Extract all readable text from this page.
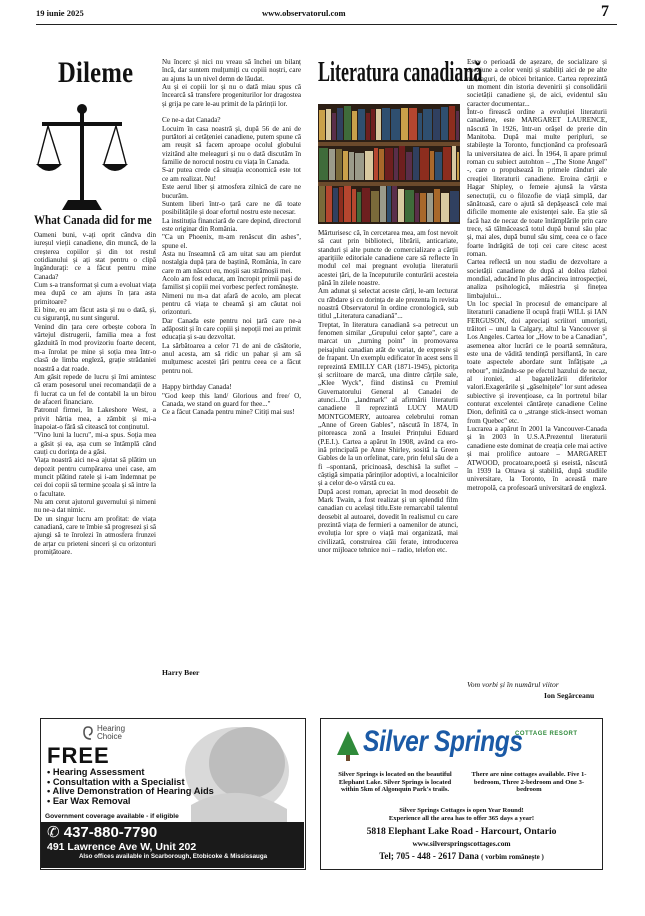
19 iunie 2025	www.observatorul.com	7
Dileme
What Canada did for me

Oameni buni, v-ați oprit cândva din iureșul vieții canadiene, din muncă, de la creșterea copiilor și din tot restul cotidianului și ați stat pentru o clipă îngânduraţi: ce a făcut pentru mine Canada?

Cum s-a transformat și cum a evoluat viața mea după ce am ajuns în țara asta primitoare?

Ei bine, eu am făcut asta și nu o dată, și, cu siguranță, nu sunt singurul.

Venind din țara cere orbește cobora în vârtejul distrugerii, familia mea a fost găzduită în mod provizoriu foarte decent, m-a înrolat pe mine și soția mea într-o clasă de limba engleză, grație strădaniei noastră a dat roade.

Am găsit repede de lucru și îmi amintesc că eram posesorul unei recomandații de a fi lucrat ca un fel de contabil la un birou de afaceri financiare.

Patronul firmei, în Lakeshore West, a privit hârtia mea, a zâmbit și mi-a înapoiat-o fără să citească tot conținutul.

"Vino luni la lucru", mi-a spus. Soția mea a găsit și ea, așa cum se întâmplă când cauți cu dorința de a găsi.

Viața noastră aici ne-a ajutat să plătim un depozit pentru cumpărarea unei case, am muncit plătind ratele și i-am îndemnat pe cei doi copii să termine școala și să intre la o facultate.

Nu am cerut ajutorul guvernului și nimeni nu ne-a dat nimic.

De un singur lucru am profitat: de viața canadiană, care te îmbie să progresezi și să ajungi să te înrolezi în atmosfera frunzei de arțar cu prieteni sinceri și cu orizonturi promițătoare.

Nu încerc și nici nu vreau să închei un bilanț încă, dar suntem mulțumiți cu copiii noștri, care au ajuns la un nivel demn de lăudat.

Au și ei copiii lor și nu o dată miau spus că încearcă să transfere progeniturilor lor dragostea și grija pe care le-au primit de la părinții lor.

Ce ne-a dat Canada?

Locuim în casa noastră și, după 56 de ani de purtători ai cetățeniei canadiene, putem spune că am reușit să facem aproape ocolul globului vizitând alte meleaguri și nu o dată discutăm în familie de norocul nostru cu viața în Canada.

S-ar putea crede că situația economică este tot ce am realizat. Nu!

Este aerul liber și atmosfera zilnică de care ne bucurăm.

Suntem liberi într-o țară care ne dă toate posibilitățile și doar efortul nostru este necesar.

La instituția financiară de care depind, directorul este originar din România.

"Ca un Phoenix, m-am renăscut din ashes", spune el.

Asta nu înseamnă că am uitat sau am pierdut nostalgia după țara de baștină, România, în care care m am născut eu, moșii sau strămoșii mei.

Acolo am fost educat, am încropit primii pași de familist și copiii mei vorbesc perfect românește.

Nimeni nu m-a dat afară de acolo, am plecat pentru că viața te cheamă și am căutat noi orizonturi.

Dar Canada este pentru noi țară care ne-a adăpostit și în care copiii și nepoții mei au primit educația și s-au dezvoltat.

La sărbătoarea a celor 71 de ani de căsătorie, anul acesta, am să ridic un pahar și am să mulțumesc acestei țări pentru ceea ce a făcut pentru noi.

Happy birthday Canada!

"God keep this land/ Glorious and free/ O, Canada, we stand on guard for thee..."

Ce a făcut Canada pentru mine? Citiți mai sus!

Harry Beer
Literatura canadiană

Mărturisesc că, în cercetarea mea, am fost nevoit să caut prin biblioteci, librării, anticariate, standuri și alte puncte de comercializare a cărții aparițiile editoriale canadiene care să reflecte în modul cel mai pregnant evoluția literaturii acestei țări, de la începuturile conturării acesteia până în zilele noastre.

Am adunat și selectat aceste cărți, le-am lecturat cu răbdare și cu dorința de ale prezenta în revista noastră Observatorul în ordine cronologică, sub titlul „Literatura canadiană"...

Treptat, în literatura canadiană s-a petrecut un fenomen similar „Grupului celor șapte", care a marcat un „turning point" in promovarea peisajului canadian atât de variat, de expresiv și de frapant. Un exemplu edificator în acest sens îl reprezintă EMILLY CAR (1871-1945), pictorița și scriitoare de marcă, una dintre cărțile sale, „Klee Wyck", fiind distinsă cu Premiul Guvernatorului General al Canadei de atunci...Un „landmark" al afirmării literaturii canadiene îl reprezintă LUCY MAUD MONTGOMERY, autoarea celebrului roman „Anne of Green Gables", născută în 1874, în pitoreasca zonă a Insulei Prințului Eduard (P.E.I.). Cartea a apărut în 1908, având ca ero-ină principală pe Anne Shirley, sosită la Green Gables de la un orfelinat, care, prin felul său de a fi –spontană, pricinoasă, deschisă la suflet – câștigă simpatia părinților adoptivi, a localnicilor și a celor de-o vârstă cu ea.

După acest roman, apreciat în mod deosebit de Mark Twain, a fost realizat și un splendid film canadian cu același titlu.Este remarcabil talentul deosebit al autoarei, dovedit în realismul cu care prezintă viața de fermieri a oamenilor de atunci, evoluția lor spre o viață mai organizată, mai civilizată, construirea căii ferate, introducerea unor mijloace tehnice noi – radio, telefon etc.

Este o perioadă de așezare, de socializare și coeziune a celor veniți și stabiliți aici de pe alte meleaguri, de obicei britanice. Cartea reprezintă un moment din istoria devenirii și consolidării societății canadiene și, de aici, evidentul său caracter documentar...

Într-o firească ordine a evoluției literaturii canadiene, este MARGARET LAURENCE, născută în 1926, într-un orășel de prerie din Manitoba. După mai multe peripluri, se stabilește la Toronto, funcționând ca profesoară la universitatea de aici. În 1964, îi apare primul roman cu subiect autohton – „The Stone Angel" -, care o propulsează în primele rânduri ale creației literaturii canadiene. Eroina cărții e Hagar Shipley, o femeie ajunsă la vârsta senectuții, cu o filozofie de viață simplă, dar sănătoasă, care o ajută să depășească cele mai dificile momente ale existenței sale. Ea știe să facă haz de necaz de toate întâmplările prin care trece, să tălmăcească totul după bunul său plac și, mai ales, după bunul său simț, ceea ce o face foarte îndrăgită de toți cei care citesc acest roman.

Cartea reflectă un nou stadiu de dezvoltare a societății canadiene de după al doilea război mondial, aducând în plus adâncirea introspecției, analiza psihologică, măiestria și finețea limbajului...

Un loc special în procesul de emancipare al literaturii canadiene îl ocupă frații WILL și IAN FERGUSON, doi apreciați scriitori umoriști, trăitori – unul la Calgary, altul la Vancouver și Los Angeles. Cartea lor „How to be a Canadian", asemenea altor lucrări ce le poartă semnătura, este una de vădită tendință persiflantă, în care toate aspectele abordate sunt înfățișate „a rebour", mizându-se pe efectul hazului de necaz, al ironiei, al bagatelizării diferitelor valori.Exagerările și „găselnițele" lor sunt adesea subiective și irevențioase, ca în portretul bilar conturat excelentei cântărețe canadiene Celine Dion, definită ca o „strange stick-insect woman from Quebec" etc.

Lucrarea a apărut în 2001 la Vancouver-Canada și în 2003 în U.S.A.Prezentul literaturii canadiene este dominat de creația cele mai active și mai prolifice autoare – MARGARET ATWOOD, procatoare,poetă și eseistă, născută în 1939 la Ottawa și stabilită, după studiile universitare, la Toronto, în această mare metropolă, ca profesoară universitară de engleză.

Vom vorbi și în numărul viitor
Ion Segărceanu
Hearing
Choice
FREE
• Hearing Assessment
• Consultation with a Specialist
• Alive Demonstration of Hearing Aids
• Ear Wax Removal
Government coverage available - if eligible
✆ 437-880-7790
491 Lawrence Ave W, Unit 202
Also offices available in Scarborough, Etobicoke & Mississauga
Silver Springs
COTTAGE RESORT
Silver Springs is located on the beautiful Elephant Lake. Silver Springs is located within 5km of Algonquin Park's trails.
There are nine cottages available. Five 1-bedroom, Three 2-bedroom and One 3-bedroom
Silver Springs Cottages is open Year Round!
Experience all the area has to offer 365 days a year!
5818 Elephant Lake Road - Harcourt, Ontario
www.silverspringscottages.com
Tel; 705 - 448 - 2617 Dana ( vorbim românește )
